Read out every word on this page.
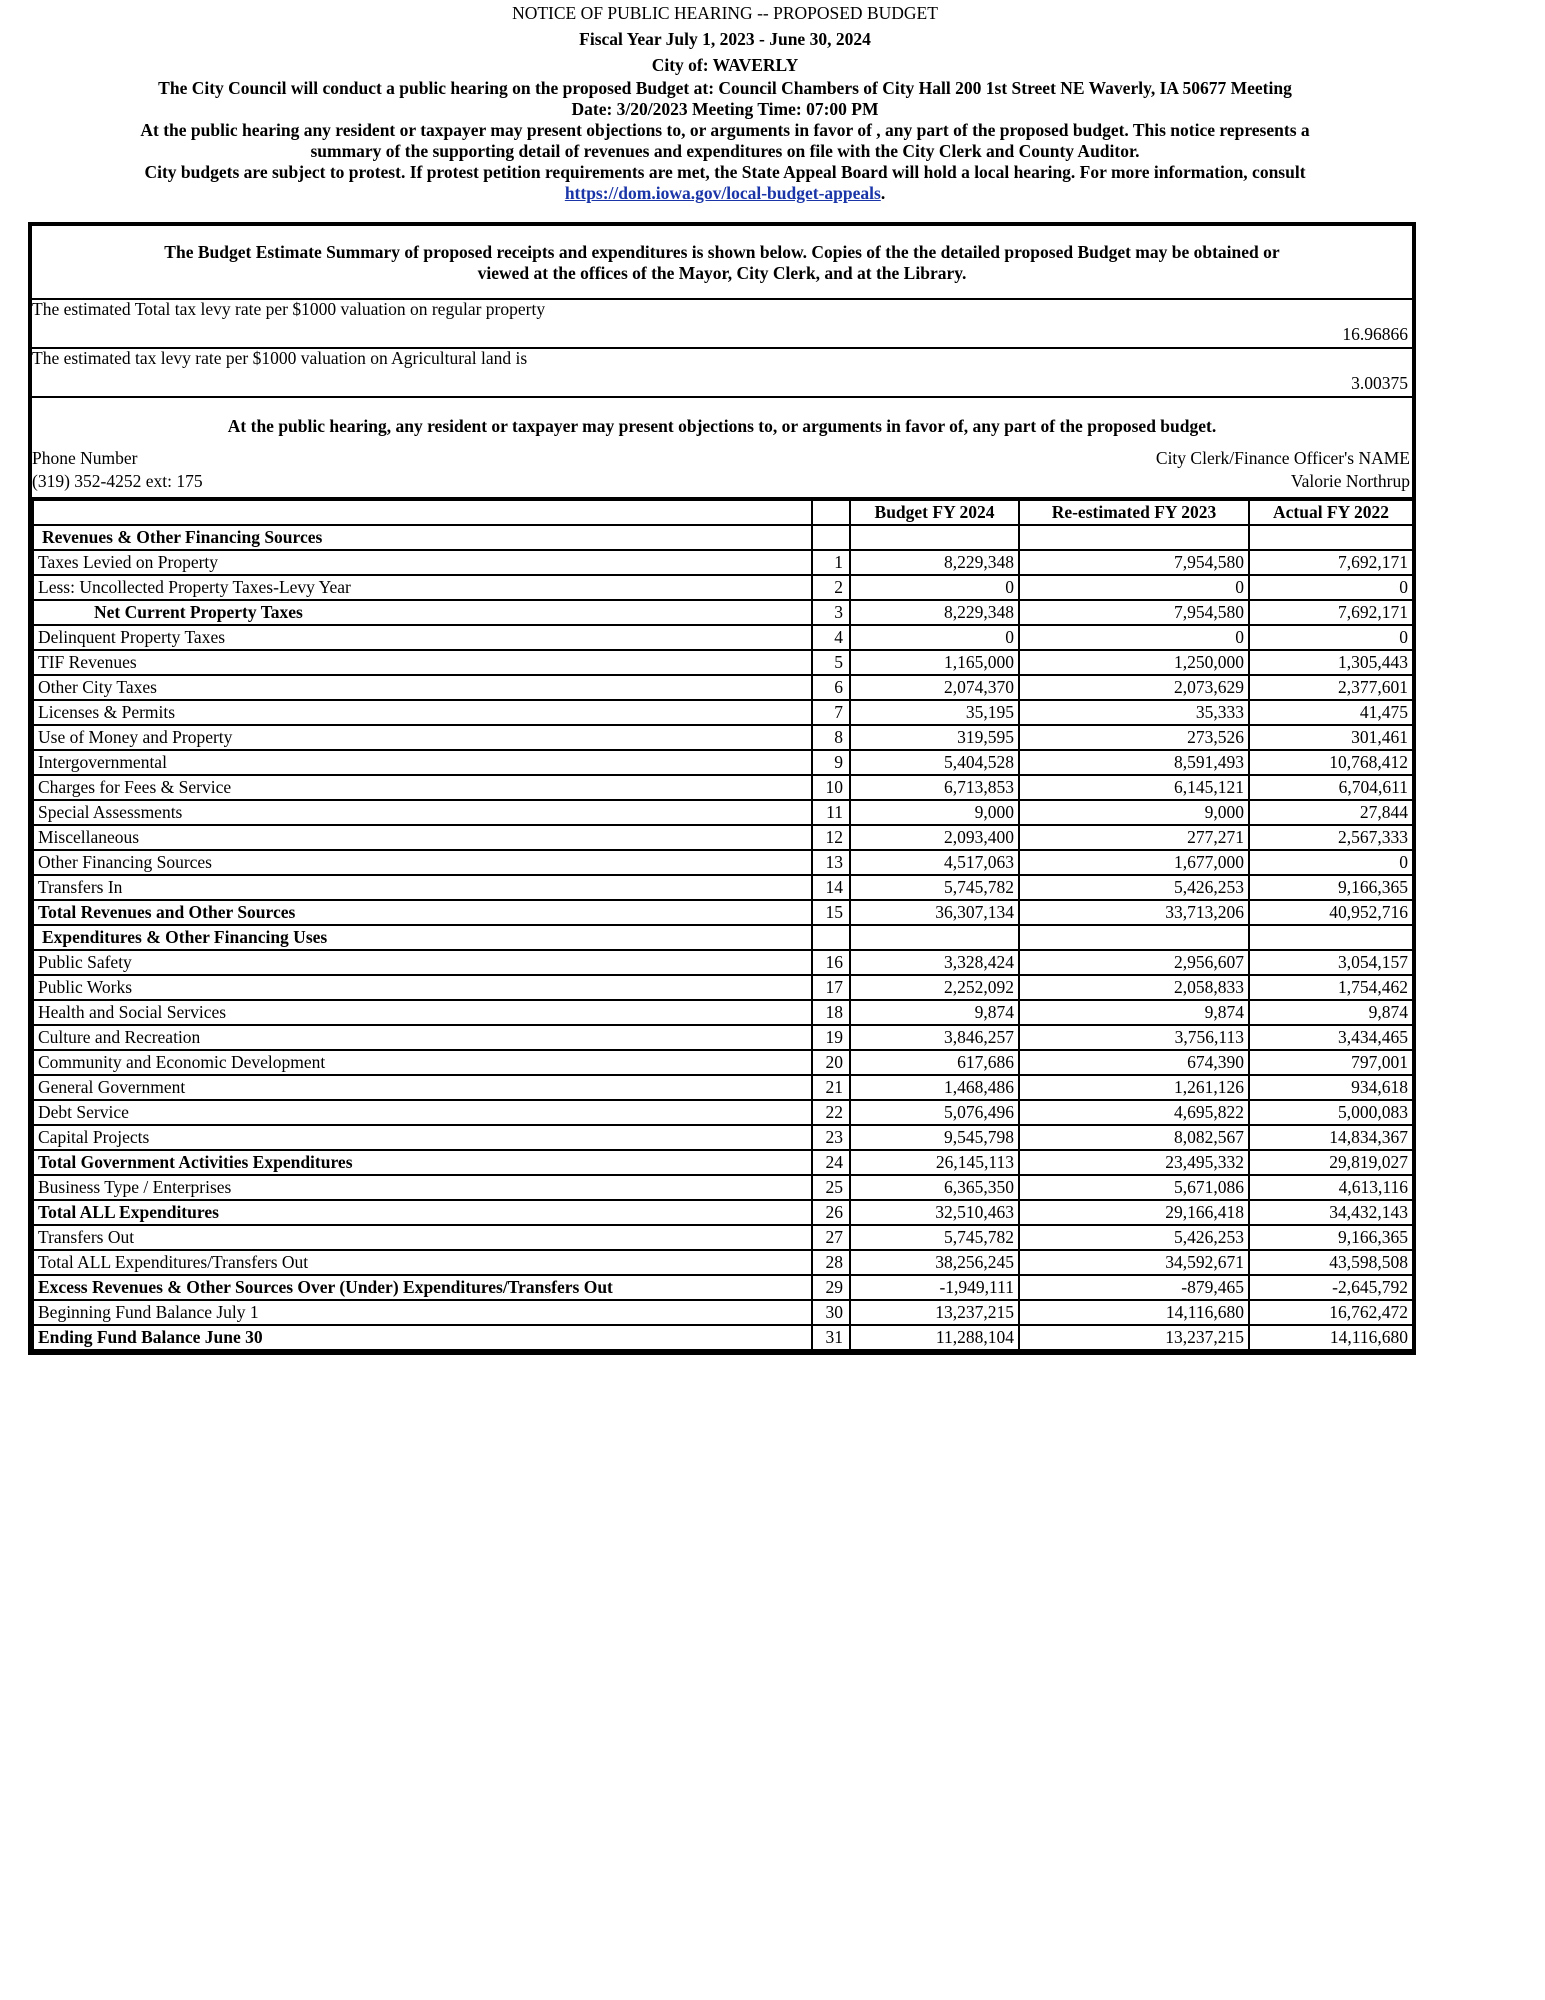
NOTICE OF PUBLIC HEARING -- PROPOSED BUDGET
Fiscal Year July 1, 2023 - June 30, 2024
City of: WAVERLY
The City Council will conduct a public hearing on the proposed Budget at: Council Chambers of City Hall 200 1st Street NE Waverly, IA 50677 Meeting
Date: 3/20/2023 Meeting Time: 07:00 PM
At the public hearing any resident or taxpayer may present objections to, or arguments in favor of , any part of the proposed budget. This notice represents a
summary of the supporting detail of revenues and expenditures on file with the City Clerk and County Auditor.
City budgets are subject to protest. If protest petition requirements are met, the State Appeal Board will hold a local hearing. For more information, consult
https://dom.iowa.gov/local-budget-appeals.
The Budget Estimate Summary of proposed receipts and expenditures is shown below. Copies of the the detailed proposed Budget may be obtained or
viewed at the offices of the Mayor, City Clerk, and at the Library.
The estimated Total tax levy rate per $1000 valuation on regular property
16.96866
The estimated tax levy rate per $1000 valuation on Agricultural land is
3.00375
At the public hearing, any resident or taxpayer may present objections to, or arguments in favor of, any part of the proposed budget.
Phone Number
(319) 352-4252 ext: 175
City Clerk/Finance Officer's NAME
Valorie Northrup
		Budget FY 2024	Re-estimated FY 2023	Actual FY 2022
Revenues & Other Financing Sources				
Taxes Levied on Property	1	8,229,348	7,954,580	7,692,171
Less: Uncollected Property Taxes-Levy Year	2	0	0	0
Net Current Property Taxes	3	8,229,348	7,954,580	7,692,171
Delinquent Property Taxes	4	0	0	0
TIF Revenues	5	1,165,000	1,250,000	1,305,443
Other City Taxes	6	2,074,370	2,073,629	2,377,601
Licenses & Permits	7	35,195	35,333	41,475
Use of Money and Property	8	319,595	273,526	301,461
Intergovernmental	9	5,404,528	8,591,493	10,768,412
Charges for Fees & Service	10	6,713,853	6,145,121	6,704,611
Special Assessments	11	9,000	9,000	27,844
Miscellaneous	12	2,093,400	277,271	2,567,333
Other Financing Sources	13	4,517,063	1,677,000	0
Transfers In	14	5,745,782	5,426,253	9,166,365
Total Revenues and Other Sources	15	36,307,134	33,713,206	40,952,716
Expenditures & Other Financing Uses				
Public Safety	16	3,328,424	2,956,607	3,054,157
Public Works	17	2,252,092	2,058,833	1,754,462
Health and Social Services	18	9,874	9,874	9,874
Culture and Recreation	19	3,846,257	3,756,113	3,434,465
Community and Economic Development	20	617,686	674,390	797,001
General Government	21	1,468,486	1,261,126	934,618
Debt Service	22	5,076,496	4,695,822	5,000,083
Capital Projects	23	9,545,798	8,082,567	14,834,367
Total Government Activities Expenditures	24	26,145,113	23,495,332	29,819,027
Business Type / Enterprises	25	6,365,350	5,671,086	4,613,116
Total ALL Expenditures	26	32,510,463	29,166,418	34,432,143
Transfers Out	27	5,745,782	5,426,253	9,166,365
Total ALL Expenditures/Transfers Out	28	38,256,245	34,592,671	43,598,508
Excess Revenues & Other Sources Over (Under) Expenditures/Transfers Out	29	-1,949,111	-879,465	-2,645,792
Beginning Fund Balance July 1	30	13,237,215	14,116,680	16,762,472
Ending Fund Balance June 30	31	11,288,104	13,237,215	14,116,680
